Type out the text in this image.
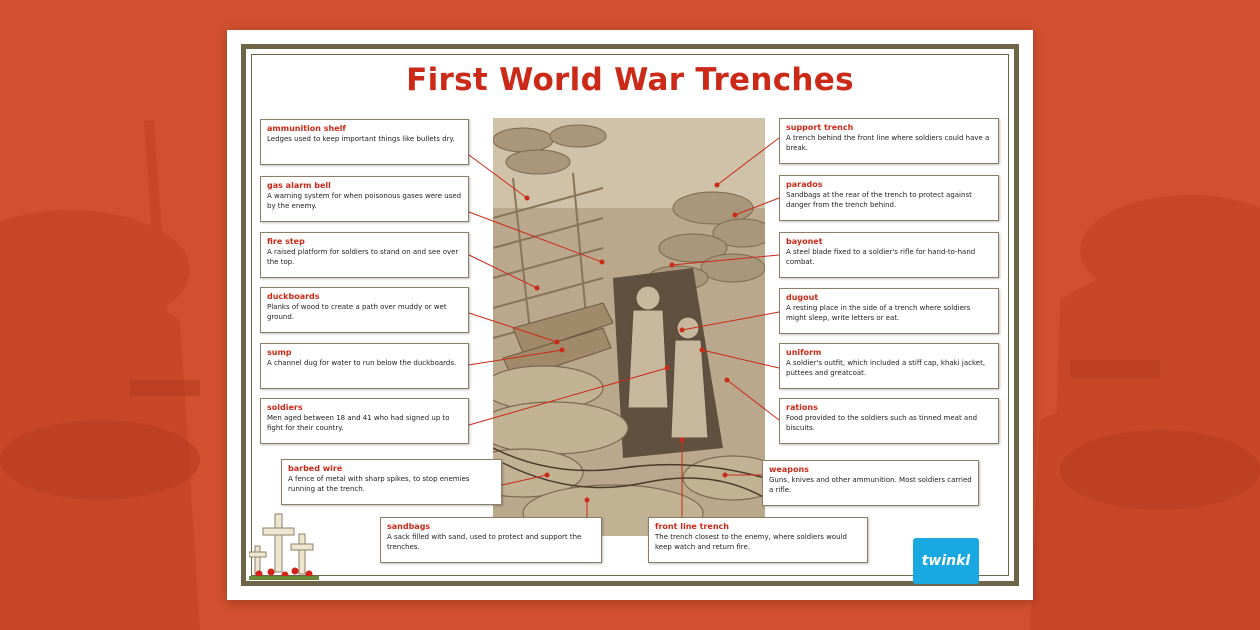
First World War Trenches
ammunition shelf
Ledges used to keep important things like bullets dry.
gas alarm bell
A warning system for when poisonous gases were used by the enemy.
fire step
A raised platform for soldiers to stand on and see over the top.
duckboards
Planks of wood to create a path over muddy or wet ground.
sump
A channel dug for water to run below the duckboards.
soldiers
Men aged between 18 and 41 who had signed up to fight for their country.
barbed wire
A fence of metal with sharp spikes, to stop enemies running at the trench.
sandbags
A sack filled with sand, used to protect and support the trenches.
support trench
A trench behind the front line where soldiers could have a break.
parados
Sandbags at the rear of the trench to protect against danger from the trench behind.
bayonet
A steel blade fixed to a soldier's rifle for hand-to-hand combat.
dugout
A resting place in the side of a trench where soldiers might sleep, write letters or eat.
uniform
A soldier's outfit, which included a stiff cap, khaki jacket, puttees and greatcoat.
rations
Food provided to the soldiers such as tinned meat and biscuits.
weapons
Guns, knives and other ammunition. Most soldiers carried a rifle.
front line trench
The trench closest to the enemy, where soldiers would keep watch and return fire.
twinkl
